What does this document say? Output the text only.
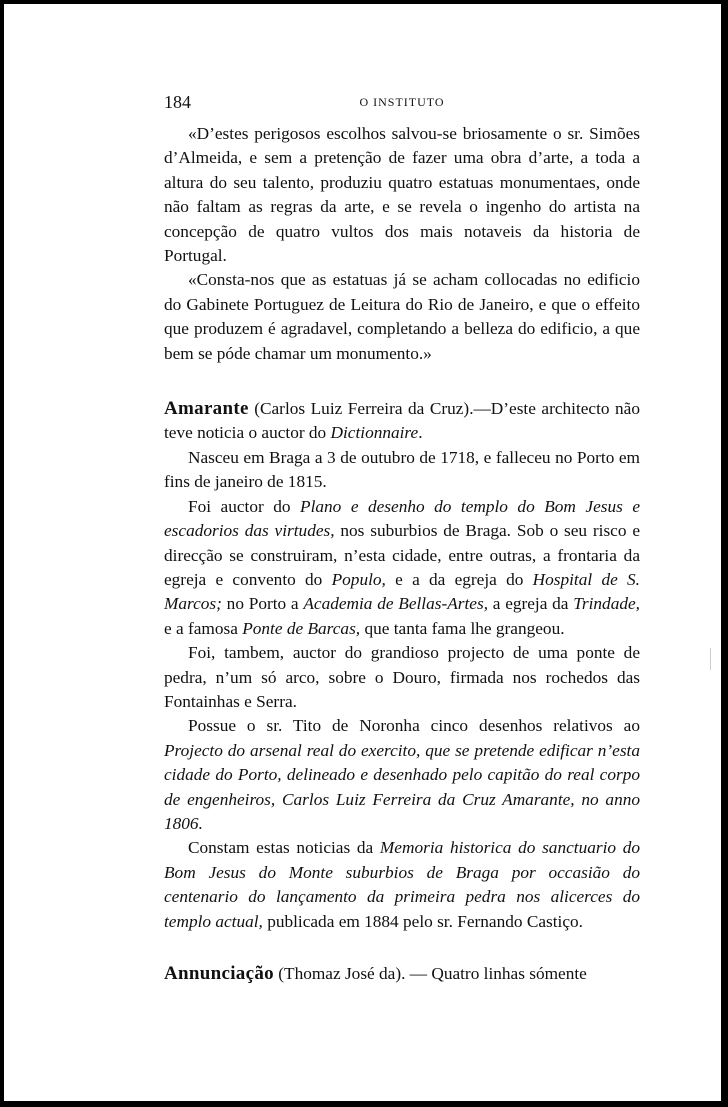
184	O INSTITUTO

«D’estes perigosos escolhos salvou-se briosamente o sr. Simões d’Almeida, e sem a pretenção de fazer uma obra d’arte, a toda a altura do seu talento, produziu quatro estatuas monumentaes, onde não faltam as regras da arte, e se revela o ingenho do artista na concepção de quatro vultos dos mais notaveis da historia de Portugal.

«Consta-nos que as estatuas já se acham collocadas no edificio do Gabinete Portuguez de Leitura do Rio de Janeiro, e que o effeito que produzem é agradavel, completando a belleza do edificio, a que bem se póde chamar um monumento.»

Amarante (Carlos Luiz Ferreira da Cruz).—D’este architecto não teve noticia o auctor do Dictionnaire.

Nasceu em Braga a 3 de outubro de 1718, e falleceu no Porto em fins de janeiro de 1815.

Foi auctor do Plano e desenho do templo do Bom Jesus e escadorios das virtudes, nos suburbios de Braga. Sob o seu risco e direcção se construiram, n’esta cidade, entre outras, a frontaria da egreja e convento do Populo, e a da egreja do Hospital de S. Marcos; no Porto a Academia de Bellas-Artes, a egreja da Trindade, e a famosa Ponte de Barcas, que tanta fama lhe grangeou.

Foi, tambem, auctor do grandioso projecto de uma ponte de pedra, n’um só arco, sobre o Douro, firmada nos rochedos das Fontainhas e Serra.

Possue o sr. Tito de Noronha cinco desenhos relativos ao Projecto do arsenal real do exercito, que se pretende edificar n’esta cidade do Porto, delineado e desenhado pelo capitão do real corpo de engenheiros, Carlos Luiz Ferreira da Cruz Amarante, no anno 1806.

Constam estas noticias da Memoria historica do sanctuario do Bom Jesus do Monte suburbios de Braga por occasião do centenario do lançamento da primeira pedra nos alicerces do templo actual, publicada em 1884 pelo sr. Fernando Castiço.

Annunciação (Thomaz José da). — Quatro linhas sómente
